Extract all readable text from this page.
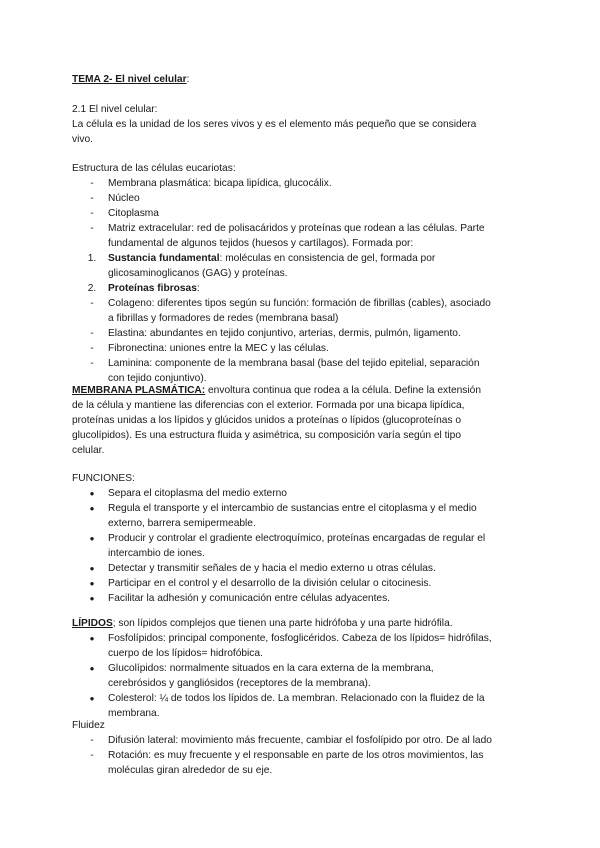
TEMA 2- El nivel celular:
2.1 El nivel celular:
La célula es la unidad de los seres vivos y es el elemento más pequeño que se considera
vivo.
Estructura de las células eucariotas:
-	Membrana plasmática: bicapa lipídica, glucocálix.
-	Núcleo
-	Citoplasma
-	Matriz extracelular: red de polisacáridos y proteínas que rodean a las células. Parte
fundamental de algunos tejidos (huesos y cartílagos). Formada por:
1. Sustancia fundamental: moléculas en consistencia de gel, formada por
glicosaminoglicanos (GAG) y proteínas.
2. Proteínas fibrosas:
-	Colageno: diferentes tipos según su función: formación de fibrillas (cables), asociado
a fibrillas y formadores de redes (membrana basal)
-	Elastina: abundantes en tejido conjuntivo, arterias, dermis, pulmón, ligamento.
-	Fibronectina: uniones entre la MEC y las células.
-	Laminina: componente de la membrana basal (base del tejido epitelial, separación
con tejido conjuntivo).
MEMBRANA PLASMÁTICA: envoltura continua que rodea a la célula. Define la extensión
de la célula y mantiene las diferencias con el exterior. Formada por una bicapa lipídica,
proteínas unidas a los lípidos y glúcidos unidos a proteínas o lípidos (glucoproteínas o
glucolípidos). Es una estructura fluida y asimétrica, su composición varía según el tipo
celular.
FUNCIONES:
●	Separa el citoplasma del medio externo
●	Regula el transporte y el intercambio de sustancias entre el citoplasma y el medio
externo, barrera semipermeable.
●	Producir y controlar el gradiente electroquímico, proteínas encargadas de regular el
intercambio de iones.
●	Detectar y transmitir señales de y hacia el medio externo u otras células.
●	Participar en el control y el desarrollo de la división celular o citocinesis.
●	Facilitar la adhesión y comunicación entre células adyacentes.
LÍPIDOS; son lípidos complejos que tienen una parte hidrófoba y una parte hidrófila.
●	Fosfolípidos: principal componente, fosfoglicéridos. Cabeza de los lípidos= hidrófilas,
cuerpo de los lípidos= hidrofóbica.
●	Glucolípidos: normalmente situados en la cara externa de la membrana,
cerebrósidos y gangliósidos (receptores de la membrana).
●	Colesterol: ¼ de todos los lípidos de. La membran. Relacionado con la fluidez de la
membrana.
Fluidez
-	Difusión lateral: movimiento más frecuente, cambiar el fosfolípido por otro. De al lado
-	Rotación: es muy frecuente y el responsable en parte de los otros movimientos, las
moléculas giran alrededor de su eje.
